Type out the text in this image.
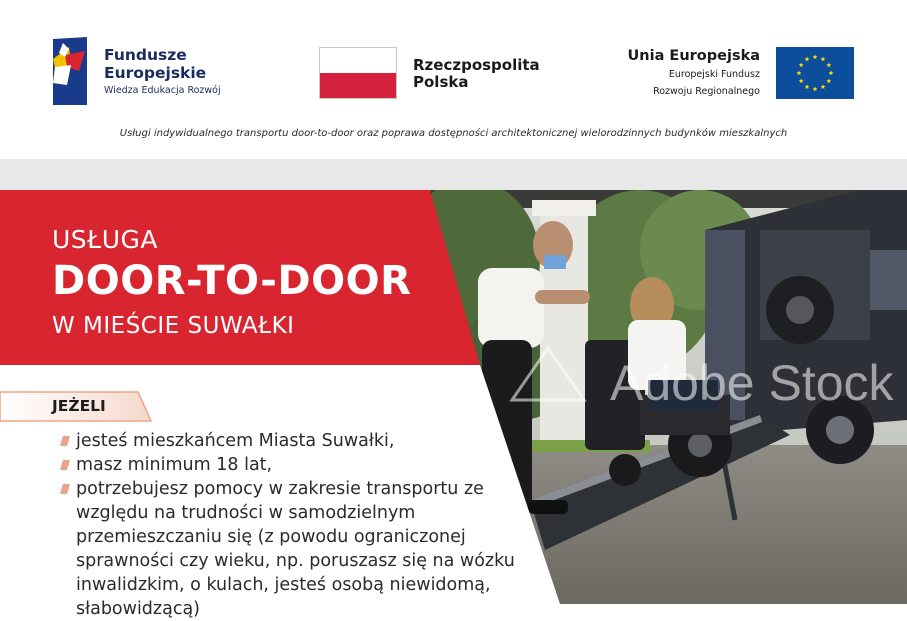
Fundusze
Europejskie
Wiedza Edukacja Rozwój
Rzeczpospolita
Polska
Unia Europejska
Europejski Fundusz
Rozwoju Regionalnego
Usługi indywidualnego transportu door-to-door oraz poprawa dostępności architektonicznej wielorodzinnych budynków mieszkalnych
Adobe Stock
USŁUGA
DOOR-TO-DOOR
W MIEŚCIE SUWAŁKI
JEŻELI
jesteś mieszkańcem Miasta Suwałki,
masz minimum 18 lat,
potrzebujesz pomocy w zakresie transportu ze względu na trudności w samodzielnym przemieszczaniu się (z powodu ograniczonej sprawności czy wieku, np. poruszasz się na wózku inwalidzkim, o kulach, jesteś osobą niewidomą, słabowidzącą)
